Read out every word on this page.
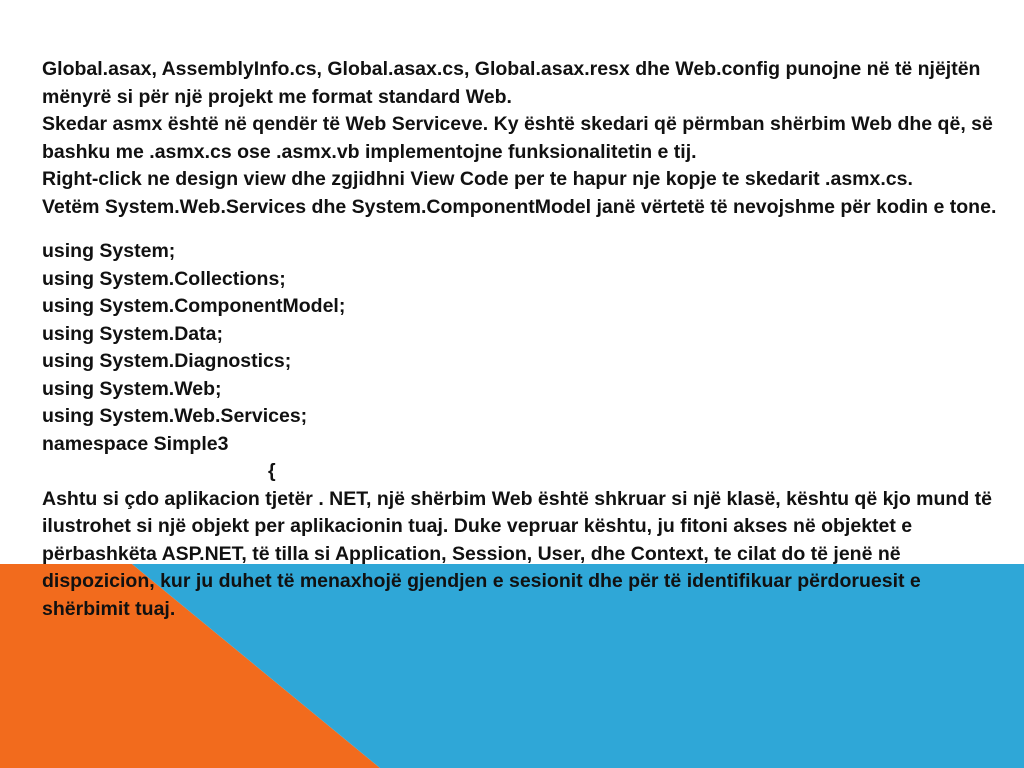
Global.asax, AssemblyInfo.cs, Global.asax.cs, Global.asax.resx dhe Web.config punojne në të njëjtën mënyrë si për një projekt me format standard Web.

Skedar asmx është në qendër të Web Serviceve. Ky është skedari që përmban shërbim Web dhe që, së bashku me .asmx.cs ose .asmx.vb implementojne funksionalitetin e tij.

Right-click ne design view dhe zgjidhni View Code per te hapur nje kopje te skedarit .asmx.cs.

Vetëm System.Web.Services dhe System.ComponentModel janë vërtetë të nevojshme për kodin e tone.

using System;
using System.Collections;
using System.ComponentModel;
using System.Data;
using System.Diagnostics;
using System.Web;
using System.Web.Services;
namespace Simple3
{

Ashtu si çdo aplikacion tjetër . NET, një shërbim Web është shkruar si një klasë, kështu që kjo mund të ilustrohet si një objekt per aplikacionin tuaj. Duke vepruar kështu, ju fitoni akses në objektet e përbashkëta ASP.NET, të tilla si Application, Session, User, dhe Context, te cilat do të jenë në dispozicion, kur ju duhet të menaxhojë gjendjen e sesionit dhe për të identifikuar përdoruesit e shërbimit tuaj.
